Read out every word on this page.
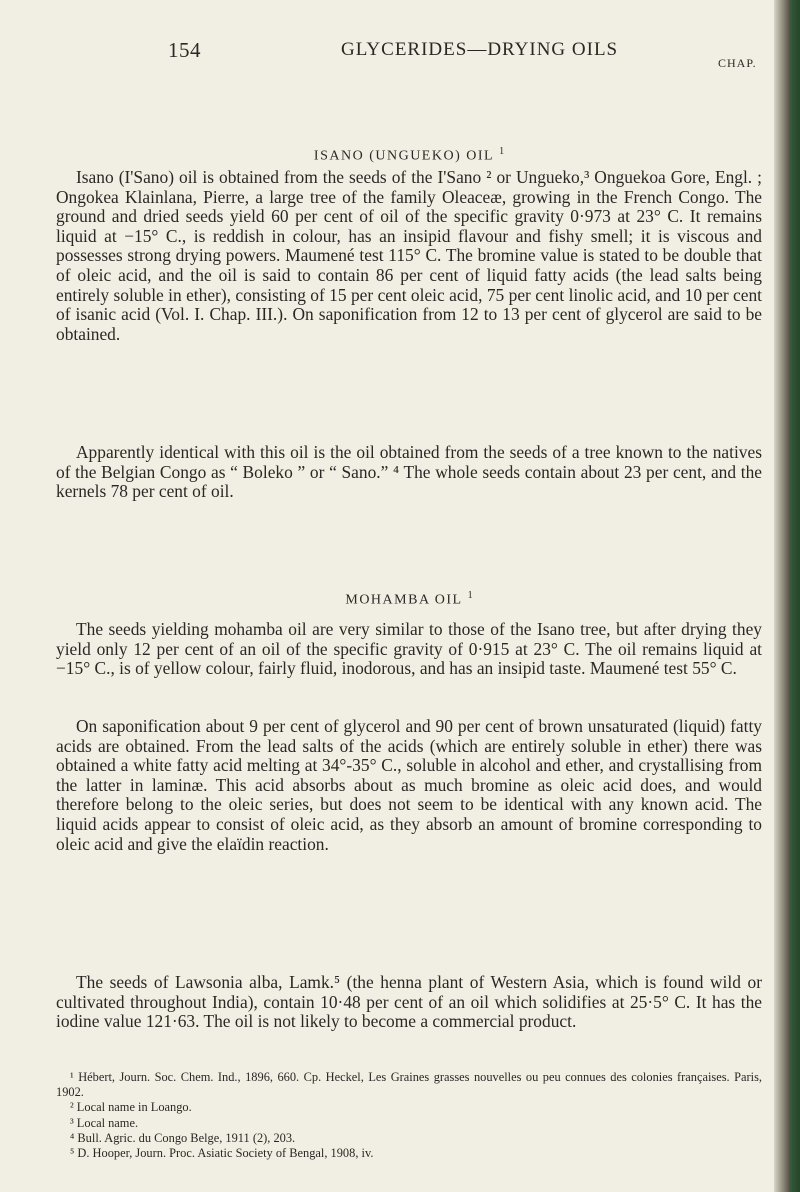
154	GLYCERIDES—DRYING OILS
CHAP.
ISANO (UNGUEKO) OIL $^1$

Isano (I'Sano) oil is obtained from the seeds of the I'Sano ² or Ungueko,³ Onguekoa Gore, Engl. ; Ongokea Klainlana, Pierre, a large tree of the family Oleaceæ, growing in the French Congo. The ground and dried seeds yield 60 per cent of oil of the specific gravity 0·973 at 23° C. It remains liquid at −15° C., is reddish in colour, has an insipid flavour and fishy smell; it is viscous and possesses strong drying powers. Maumené test 115° C. The bromine value is stated to be double that of oleic acid, and the oil is said to contain 86 per cent of liquid fatty acids (the lead salts being entirely soluble in ether), consisting of 15 per cent oleic acid, 75 per cent linolic acid, and 10 per cent of isanic acid (Vol. I. Chap. III.). On saponification from 12 to 13 per cent of glycerol are said to be obtained.

Apparently identical with this oil is the oil obtained from the seeds of a tree known to the natives of the Belgian Congo as “ Boleko ” or “ Sano.” ⁴ The whole seeds contain about 23 per cent, and the kernels 78 per cent of oil.

MOHAMBA OIL $^1$

The seeds yielding mohamba oil are very similar to those of the Isano tree, but after drying they yield only 12 per cent of an oil of the specific gravity of 0·915 at 23° C. The oil remains liquid at −15° C., is of yellow colour, fairly fluid, inodorous, and has an insipid taste. Maumené test 55° C.

On saponification about 9 per cent of glycerol and 90 per cent of brown unsaturated (liquid) fatty acids are obtained. From the lead salts of the acids (which are entirely soluble in ether) there was obtained a white fatty acid melting at 34°-35° C., soluble in alcohol and ether, and crystallising from the latter in laminæ. This acid absorbs about as much bromine as oleic acid does, and would therefore belong to the oleic series, but does not seem to be identical with any known acid. The liquid acids appear to consist of oleic acid, as they absorb an amount of bromine corresponding to oleic acid and give the elaïdin reaction.

The seeds of Lawsonia alba, Lamk.⁵ (the henna plant of Western Asia, which is found wild or cultivated throughout India), contain 10·48 per cent of an oil which solidifies at 25·5° C. It has the iodine value 121·63. The oil is not likely to become a commercial product.

¹ Hébert, Journ. Soc. Chem. Ind., 1896, 660. Cp. Heckel, Les Graines grasses nouvelles ou peu connues des colonies françaises. Paris, 1902.

² Local name in Loango.

³ Local name.

⁴ Bull. Agric. du Congo Belge, 1911 (2), 203.

⁵ D. Hooper, Journ. Proc. Asiatic Society of Bengal, 1908, iv.
